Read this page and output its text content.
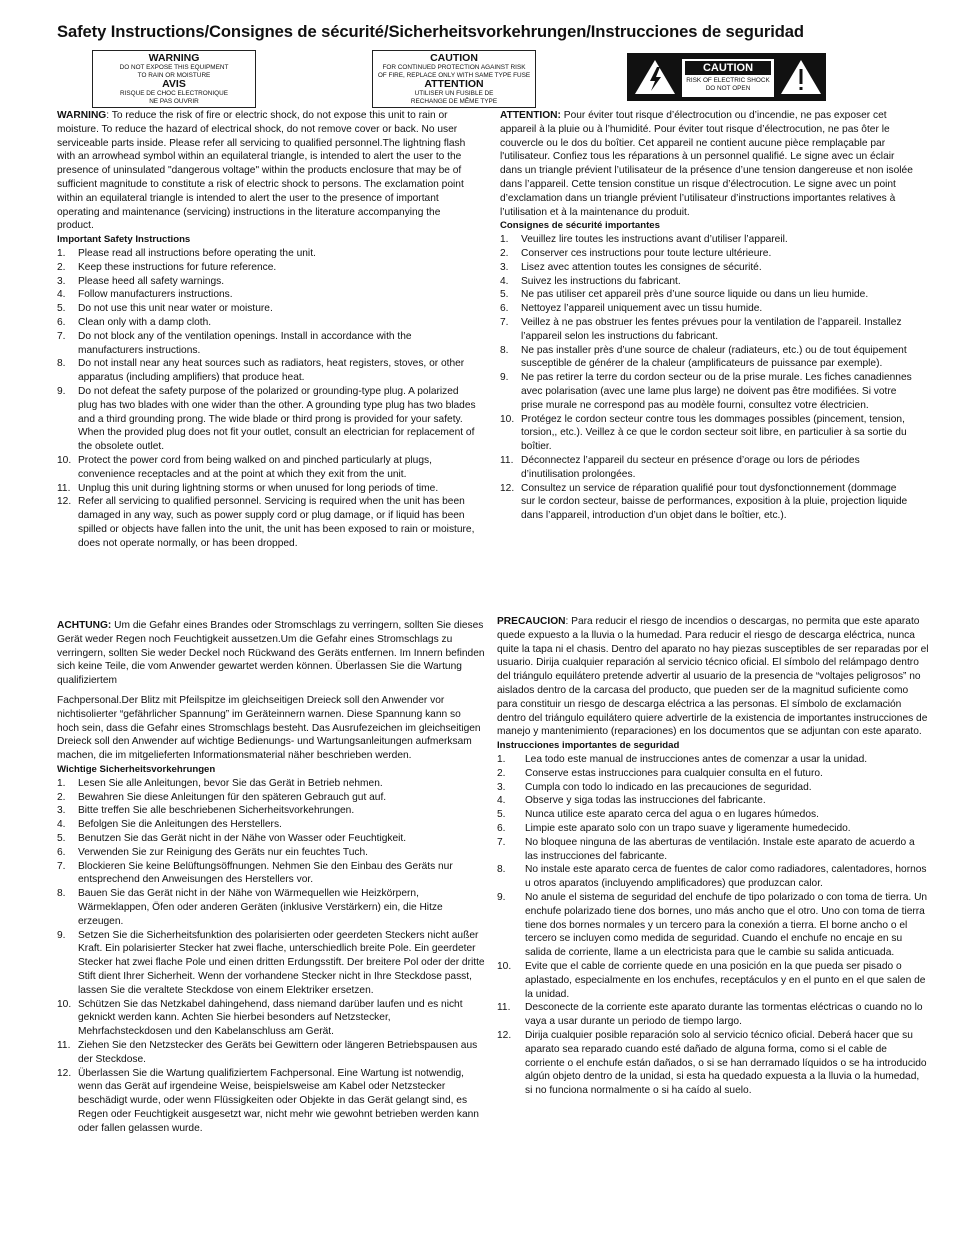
Safety Instructions/Consignes de sécurité/Sicherheitsvorkehrungen/Instrucciones de seguridad
WARNING
DO NOT EXPOSE THIS EQUIPMENT
TO RAIN OR MOISTURE
AVIS
RISQUE DE CHOC ELECTRONIQUE
NE PAS OUVRIR
CAUTION
FOR CONTINUED PROTECTION AGAINST RISK
OF FIRE, REPLACE ONLY WITH SAME TYPE FUSE
ATTENTION
UTILISER UN FUSIBLE DE
RECHANGE DE MÊME TYPE
CAUTION
RISK OF ELECTRIC SHOCK
DO NOT OPEN

WARNING: To reduce the risk of fire or electric shock, do not expose this unit to rain or moisture. To reduce the hazard of electrical shock, do not remove cover or back. No user serviceable parts inside. Please refer all servicing to qualified personnel.The lightning flash with an arrowhead symbol within an equilateral triangle, is intended to alert the user to the presence of uninsulated "dangerous voltage" within the products enclosure that may be of sufficient magnitude to constitute a risk of electric shock to persons. The exclamation point within an equilateral triangle is intended to alert the user to the presence of important operating and maintenance (servicing) instructions in the literature accompanying the product.

Important Safety Instructions

1. Please read all instructions before operating the unit.
2. Keep these instructions for future reference.
3. Please heed all safety warnings.
4. Follow manufacturers instructions.
5. Do not use this unit near water or moisture.
6. Clean only with a damp cloth.
7. Do not block any of the ventilation openings. Install in accordance with the manufacturers instructions.
8. Do not install near any heat sources such as radiators, heat registers, stoves, or other apparatus (including amplifiers) that produce heat.
9. Do not defeat the safety purpose of the polarized or grounding-type plug. A polarized plug has two blades with one wider than the other. A grounding type plug has two blades and a third grounding prong. The wide blade or third prong is provided for your safety. When the provided plug does not fit your outlet, consult an electrician for replacement of the obsolete outlet.
10. Protect the power cord from being walked on and pinched particularly at plugs, convenience receptacles and at the point at which they exit from the unit.
11. Unplug this unit during lightning storms or when unused for long periods of time.
12. Refer all servicing to qualified personnel. Servicing is required when the unit has been damaged in any way, such as power supply cord or plug damage, or if liquid has been spilled or objects have fallen into the unit, the unit has been exposed to rain or moisture, does not operate normally, or has been dropped.

ATTENTION: Pour éviter tout risque d’électrocution ou d’incendie, ne pas exposer cet appareil à la pluie ou à l’humidité. Pour éviter tout risque d’électrocution, ne pas ôter le couvercle ou le dos du boîtier. Cet appareil ne contient aucune pièce remplaçable par l'utilisateur. Confiez tous les réparations à un personnel qualifié. Le signe avec un éclair dans un triangle prévient l’utilisateur de la présence d’une tension dangereuse et non isolée dans l’appareil. Cette tension constitue un risque d’électrocution. Le signe avec un point d’exclamation dans un triangle prévient l’utilisateur d’instructions importantes relatives à l’utilisation et à la maintenance du produit.

Consignes de sécurité importantes

1. Veuillez lire toutes les instructions avant d’utiliser l’appareil.
2. Conserver ces instructions pour toute lecture ultérieure.
3. Lisez avec attention toutes les consignes de sécurité.
4. Suivez les instructions du fabricant.
5. Ne pas utiliser cet appareil près d’une source liquide ou dans un lieu humide.
6. Nettoyez l’appareil uniquement avec un tissu humide.
7. Veillez à ne pas obstruer les fentes prévues pour la ventilation de l’appareil. Installez l’appareil selon les instructions du fabricant.
8. Ne pas installer près d’une source de chaleur (radiateurs, etc.) ou de tout équipement susceptible de générer de la chaleur (amplificateurs de puissance par exemple).
9. Ne pas retirer la terre du cordon secteur ou de la prise murale. Les fiches canadiennes avec polarisation (avec une lame plus large) ne doivent pas être modifiées. Si votre prise murale ne correspond pas au modèle fourni, consultez votre électricien.
10. Protégez le cordon secteur contre tous les dommages possibles (pincement, tension, torsion,, etc.). Veillez à ce que le cordon secteur soit libre, en particulier à sa sortie du boîtier.
11. Déconnectez l’appareil du secteur en présence d’orage ou lors de périodes d’inutilisation prolongées.
12. Consultez un service de réparation qualifié pour tout dysfonctionnement (dommage sur le cordon secteur, baisse de performances, exposition à la pluie, projection liquide dans l’appareil, introduction d’un objet dans le boîtier, etc.).

ACHTUNG: Um die Gefahr eines Brandes oder Stromschlags zu verringern, sollten Sie dieses Gerät weder Regen noch Feuchtigkeit aussetzen.Um die Gefahr eines Stromschlags zu verringern, sollten Sie weder Deckel noch Rückwand des Geräts entfernen. Im Innern befinden sich keine Teile, die vom Anwender gewartet werden können. Überlassen Sie die Wartung qualifiziertem

Fachpersonal.Der Blitz mit Pfeilspitze im gleichseitigen Dreieck soll den Anwender vor nichtisolierter “gefährlicher Spannung” im Geräteinnern warnen. Diese Spannung kann so hoch sein, dass die Gefahr eines Stromschlags besteht. Das Ausrufezeichen im gleichseitigen Dreieck soll den Anwender auf wichtige Bedienungs- und Wartungsanleitungen aufmerksam machen, die im mitgelieferten Informationsmaterial näher beschrieben werden.

Wichtige Sicherheitsvorkehrungen

1. Lesen Sie alle Anleitungen, bevor Sie das Gerät in Betrieb nehmen.
2. Bewahren Sie diese Anleitungen für den späteren Gebrauch gut auf.
3. Bitte treffen Sie alle beschriebenen Sicherheitsvorkehrungen.
4. Befolgen Sie die Anleitungen des Herstellers.
5. Benutzen Sie das Gerät nicht in der Nähe von Wasser oder Feuchtigkeit.
6. Verwenden Sie zur Reinigung des Geräts nur ein feuchtes Tuch.
7. Blockieren Sie keine Belüftungsöffnungen. Nehmen Sie den Einbau des Geräts nur entsprechend den Anweisungen des Herstellers vor.
8. Bauen Sie das Gerät nicht in der Nähe von Wärmequellen wie Heizkörpern, Wärmeklappen, Öfen oder anderen Geräten (inklusive Verstärkern) ein, die Hitze erzeugen.
9. Setzen Sie die Sicherheitsfunktion des polarisierten oder geerdeten Steckers nicht außer Kraft. Ein polarisierter Stecker hat zwei flache, unterschiedlich breite Pole. Ein geerdeter Stecker hat zwei flache Pole und einen dritten Erdungsstift. Der breitere Pol oder der dritte Stift dient Ihrer Sicherheit. Wenn der vorhandene Stecker nicht in Ihre Steckdose passt, lassen Sie die veraltete Steckdose von einem Elektriker ersetzen.
10. Schützen Sie das Netzkabel dahingehend, dass niemand darüber laufen und es nicht geknickt werden kann. Achten Sie hierbei besonders auf Netzstecker, Mehrfachsteckdosen und den Kabelanschluss am Gerät.
11. Ziehen Sie den Netzstecker des Geräts bei Gewittern oder längeren Betriebspausen aus der Steckdose.
12. Überlassen Sie die Wartung qualifiziertem Fachpersonal. Eine Wartung ist notwendig, wenn das Gerät auf irgendeine Weise, beispielsweise am Kabel oder Netzstecker beschädigt wurde, oder wenn Flüssigkeiten oder Objekte in das Gerät gelangt sind, es Regen oder Feuchtigkeit ausgesetzt war, nicht mehr wie gewohnt betrieben werden kann oder fallen gelassen wurde.

PRECAUCION: Para reducir el riesgo de incendios o descargas, no permita que este aparato quede expuesto a la lluvia o la humedad. Para reducir el riesgo de descarga eléctrica, nunca quite la tapa ni el chasis. Dentro del aparato no hay piezas susceptibles de ser reparadas por el usuario. Dirija cualquier reparación al servicio técnico oficial. El símbolo del relámpago dentro del triángulo equilátero pretende advertir al usuario de la presencia de “voltajes peligrosos” no aislados dentro de la carcasa del producto, que pueden ser de la magnitud suficiente como para constituir un riesgo de descarga eléctrica a las personas. El símbolo de exclamación dentro del triángulo equilátero quiere advertirle de la existencia de importantes instrucciones de manejo y mantenimiento (reparaciones) en los documentos que se adjuntan con este aparato.

Instrucciones importantes de seguridad

1. Lea todo este manual de instrucciones antes de comenzar a usar la unidad.
2. Conserve estas instrucciones para cualquier consulta en el futuro.
3. Cumpla con todo lo indicado en las precauciones de seguridad.
4. Observe y siga todas las instrucciones del fabricante.
5. Nunca utilice este aparato cerca del agua o en lugares húmedos.
6. Limpie este aparato solo con un trapo suave y ligeramente humedecido.
7. No bloquee ninguna de las aberturas de ventilación. Instale este aparato de acuerdo a las instrucciones del fabricante.
8. No instale este aparato cerca de fuentes de calor como radiadores, calentadores, hornos u otros aparatos (incluyendo amplificadores) que produzcan calor.
9. No anule el sistema de seguridad del enchufe de tipo polarizado o con toma de tierra. Un enchufe polarizado tiene dos bornes, uno más ancho que el otro. Uno con toma de tierra tiene dos bornes normales y un tercero para la conexión a tierra. El borne ancho o el tercero se incluyen como medida de seguridad. Cuando el enchufe no encaje en su salida de corriente, llame a un electricista para que le cambie su salida anticuada.
10. Evite que el cable de corriente quede en una posición en la que pueda ser pisado o aplastado, especialmente en los enchufes, receptáculos y en el punto en el que salen de la unidad.
11. Desconecte de la corriente este aparato durante las tormentas eléctricas o cuando no lo vaya a usar durante un periodo de tiempo largo.
12. Dirija cualquier posible reparación solo al servicio técnico oficial. Deberá hacer que su aparato sea reparado cuando esté dañado de alguna forma, como si el cable de corriente o el enchufe están dañados, o si se han derramado líquidos o se ha introducido algún objeto dentro de la unidad, si esta ha quedado expuesta a la lluvia o la humedad, si no funciona normalmente o si ha caído al suelo.
